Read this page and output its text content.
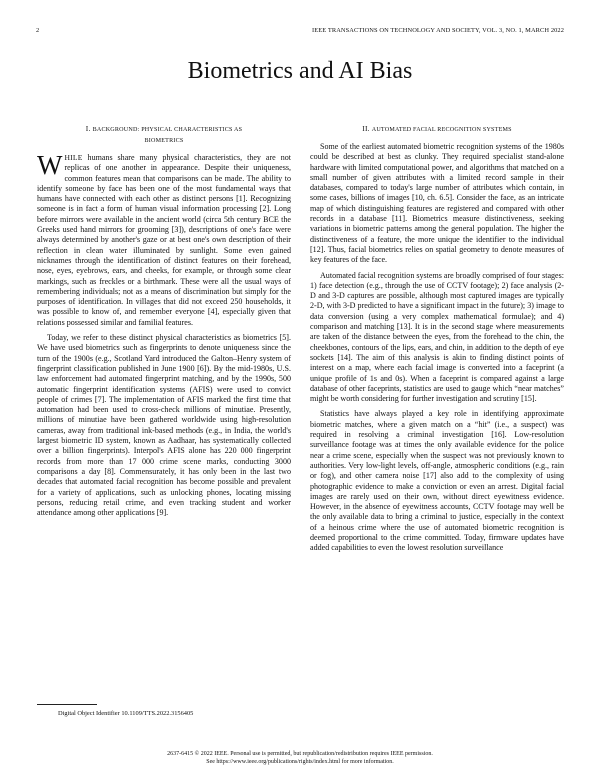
2	IEEE TRANSACTIONS ON TECHNOLOGY AND SOCIETY, VOL. 3, NO. 1, MARCH 2022
Biometrics and AI Bias
I. BACKGROUND: PHYSICAL CHARACTERISTICS AS
BIOMETRICS

WHILE humans share many physical characteristics, they are not replicas of one another in appearance. Despite their uniqueness, common features mean that comparisons can be made. The ability to identify someone by face has been one of the most fundamental ways that humans have connected with each other as distinct persons [1]. Recognizing someone is in fact a form of human visual information processing [2]. Long before mirrors were available in the ancient world (circa 5th century BCE the Greeks used hand mirrors for grooming [3]), descriptions of one's face were always determined by another's gaze or at best one's own description of their reflection in clean water illuminated by sunlight. Some even gained nicknames through the identification of distinct features on their forehead, nose, eyes, eyebrows, ears, and cheeks, for example, or through some clear markings, such as freckles or a birthmark. These were all the usual ways of remembering individuals; not as a means of discrimination but simply for the purposes of identification. In villages that did not exceed 250 households, it was possible to know of, and remember everyone [4], especially given that relations possessed similar and familial features.

Today, we refer to these distinct physical characteristics as biometrics [5]. We have used biometrics such as fingerprints to denote uniqueness since the turn of the 1900s (e.g., Scotland Yard introduced the Galton–Henry system of fingerprint classification published in June 1900 [6]). By the mid-1980s, U.S. law enforcement had automated fingerprint matching, and by the 1990s, 500 automatic fingerprint identification systems (AFIS) were used to convict people of crimes [7]. The implementation of AFIS marked the first time that automation had been used to cross-check millions of minutiae. Presently, millions of minutiae have been gathered worldwide using high-resolution cameras, away from traditional ink-based methods (e.g., in India, the world's largest biometric ID system, known as Aadhaar, has systematically collected over a billion fingerprints). Interpol's AFIS alone has 220 000 fingerprint records from more than 17 000 crime scene marks, conducting 3000 comparisons a day [8]. Commensurately, it has only been in the last two decades that automated facial recognition has become possible and prevalent for a variety of applications, such as unlocking phones, locating missing persons, reducing retail crime, and even tracking student and worker attendance among other applications [9].

II. AUTOMATED FACIAL RECOGNITION SYSTEMS

Some of the earliest automated biometric recognition systems of the 1980s could be described at best as clunky. They required specialist stand-alone hardware with limited computational power, and algorithms that matched on a small number of given attributes with a limited record sample in their databases, compared to today's large number of attributes which contain, in some cases, billions of images [10, ch. 6.5]. Consider the face, as an intricate map of which distinguishing features are registered and compared with other records in a database [11]. Biometrics measure distinctiveness, seeking variations in biometric patterns among the general population. The higher the distinctiveness of a feature, the more unique the identifier to the individual [12]. Thus, facial biometrics relies on spatial geometry to denote measures of key features of the face.

Automated facial recognition systems are broadly comprised of four stages: 1) face detection (e.g., through the use of CCTV footage); 2) face analysis (2-D and 3-D captures are possible, although most captured images are typically 2-D, with 3-D predicted to have a significant impact in the future); 3) image to data conversion (using a very complex mathematical formulae); and 4) comparison and matching [13]. It is in the second stage where measurements are taken of the distance between the eyes, from the forehead to the chin, the cheekbones, contours of the lips, ears, and chin, in addition to the depth of eye sockets [14]. The aim of this analysis is akin to finding distinct points of interest on a map, where each facial image is converted into a faceprint (a unique profile of 1s and 0s). When a faceprint is compared against a large database of other faceprints, statistics are used to gauge which “near matches” might be worth considering for further investigation and scrutiny [15].

Statistics have always played a key role in identifying approximate biometric matches, where a given match on a “hit” (i.e., a suspect) was required in resolving a criminal investigation [16]. Low-resolution surveillance footage was at times the only available evidence for the police near a crime scene, especially when the suspect was not previously known to authorities. Very low-light levels, off-angle, atmospheric conditions (e.g., rain or fog), and other camera noise [17] also add to the complexity of using photographic evidence to make a conviction or even an arrest. Digital facial images are rarely used on their own, without direct eyewitness evidence. However, in the absence of eyewitness accounts, CCTV footage may well be the only available data to bring a criminal to justice, especially in the context of a heinous crime where the use of automated biometric recognition is deemed proportional to the crime committed. Today, firmware updates have added capabilities to even the lowest resolution surveillance

Digital Object Identifier 10.1109/TTS.2022.3156405
2637-6415 © 2022 IEEE. Personal use is permitted, but republication/redistribution requires IEEE permission.
See https://www.ieee.org/publications/rights/index.html for more information.
